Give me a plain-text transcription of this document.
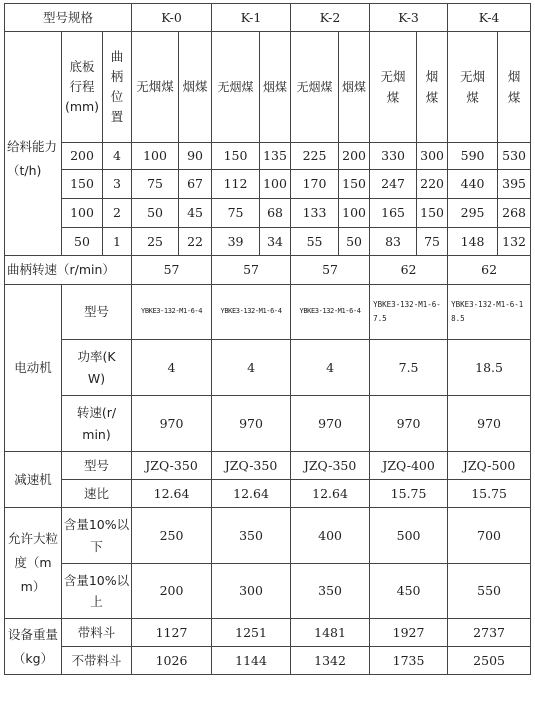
型号规格			K-0		K-1		K-2		K-3		K-4	

给料能力（t/h)	底板行程(mm)	曲柄位置	无烟煤	烟煤	无烟煤	烟煤	无烟煤	烟煤	无烟煤	烟煤	无烟煤	烟煤

	200	4	100	90	150	135	225	200	330	300	590	530
	150	3	75	67	112	100	170	150	247	220	440	395
	100	2	50	45	75	68	133	100	165	150	295	268
	50	1	25	22	39	34	55	50	83	75	148	132
曲柄转速（r/min）			57		57		57		62		62	
电动机	型号		YBKE3-132-M1-6-4		YBKE3-132-M1-6-4		YBKE3-132-M1-6-4		YBKE3-132-M1-6-7.5		YBKE3-132-M1-6-18.5	

	功率(KW)		4		4		4		7.5		18.5	

	转速(r/min)		970		970		970		970		970	
减速机	型号		JZQ-350		JZQ-350		JZQ-350		JZQ-400		JZQ-500	
	速比		12.64		12.64		12.64		15.75		15.75	

允许大粒度（mm）	含量10%以下		250		350		400		500		700	

	含量10%以上		200		300		350		450		550	

设备重量（kg）	带料斗		1127		1251		1481		1927		2737	
	不带料斗		1026		1144		1342		1735		2505	
